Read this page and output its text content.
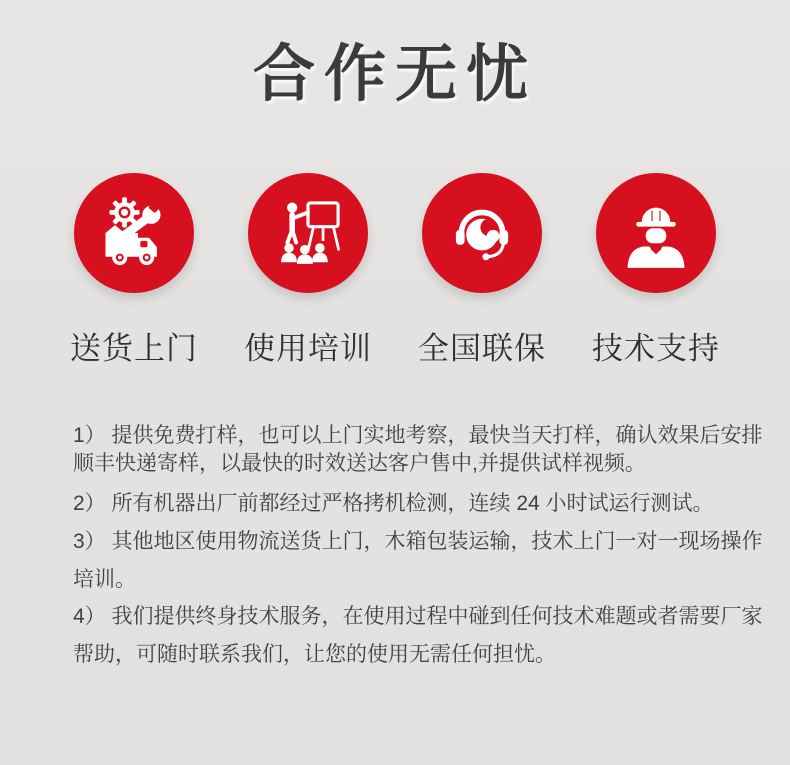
合作无忧
送货上门 使用培训 全国联保 技术支持
1） 提供免费打样，也可以上门实地考察，最快当天打样，确认效果后安排
顺丰快递寄样，以最快的时效送达客户售中,并提供试样视频。
2） 所有机器出厂前都经过严格拷机检测，连续 24 小时试运行测试。
3） 其他地区使用物流送货上门，木箱包装运输，技术上门一对一现场操作
培训。
4） 我们提供终身技术服务，在使用过程中碰到任何技术难题或者需要厂家
帮助，可随时联系我们，让您的使用无需任何担忧。
